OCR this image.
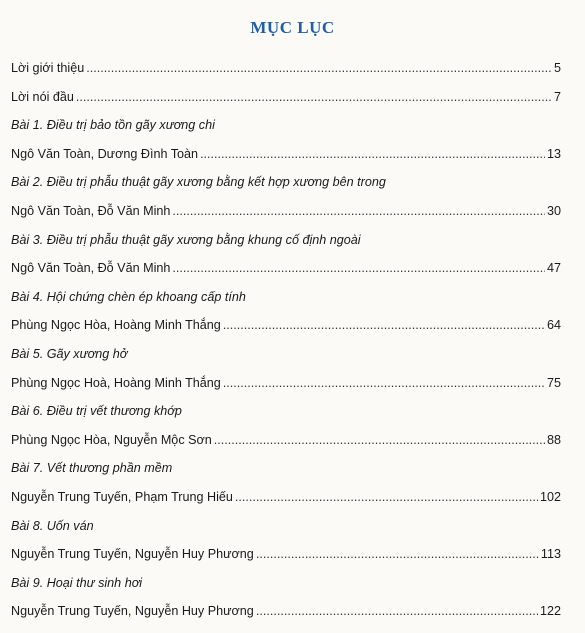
MỤC LỤC
Lời giới thiệu .....	5
Lời nói đầu .....	7
Bài 1. Điều trị bảo tồn gãy xương chi
Ngô Văn Toàn, Dương Đình Toàn .....	13
Bài 2. Điều trị phẫu thuật gãy xương bằng kết hợp xương bên trong
Ngô Văn Toàn, Đỗ Văn Minh .....	30
Bài 3. Điều trị phẫu thuật gãy xương bằng khung cố định ngoài
Ngô Văn Toàn, Đỗ Văn Minh .....	47
Bài 4. Hội chứng chèn ép khoang cấp tính
Phùng Ngọc Hòa, Hoàng Minh Thắng .....	64
Bài 5. Gãy xương hở
Phùng Ngọc Hoà, Hoàng Minh Thắng .....	75
Bài 6. Điều trị vết thương khớp
Phùng Ngọc Hòa, Nguyễn Mộc Sơn .....	88
Bài 7. Vết thương phần mềm
Nguyễn Trung Tuyến, Phạm Trung Hiếu .....	102
Bài 8. Uốn ván
Nguyễn Trung Tuyến, Nguyễn Huy Phương .....	113
Bài 9. Hoại thư sinh hơi
Nguyễn Trung Tuyến, Nguyễn Huy Phương .....	122
